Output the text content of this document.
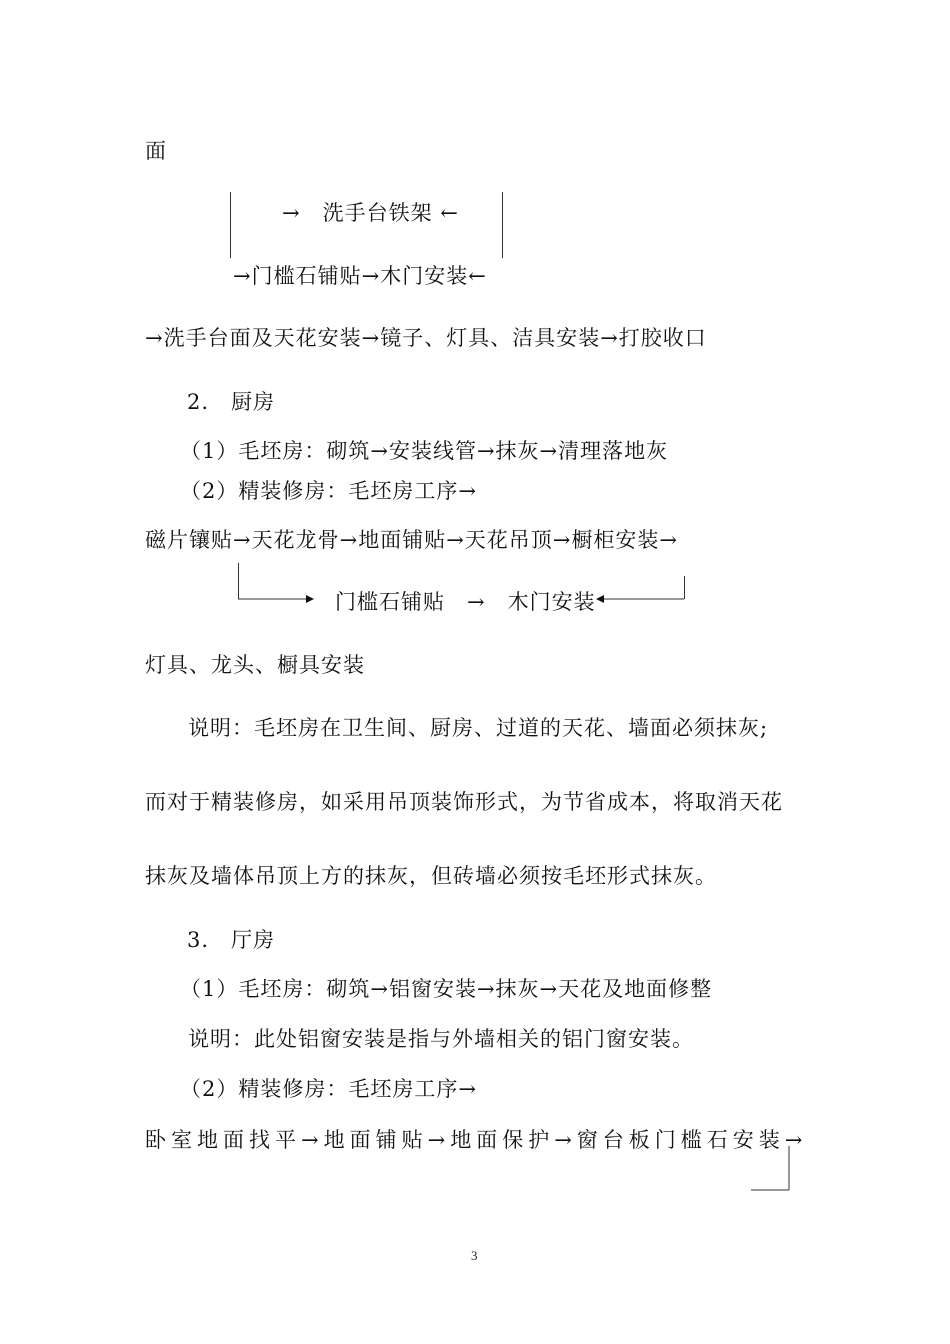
面
→　洗手台铁架 ←
→门槛石铺贴→木门安装←
→洗手台面及天花安装→镜子、灯具、洁具安装→打胶收口
2.　厨房
（1）毛坯房：砌筑→安装线管→抹灰→清理落地灰
（2）精装修房：毛坯房工序→
磁片镶贴→天花龙骨→地面铺贴→天花吊顶→橱柜安装→
门槛石铺贴　→　木门安装
灯具、龙头、橱具安装
说明：毛坯房在卫生间、厨房、过道的天花、墙面必须抹灰;
而对于精装修房，如采用吊顶装饰形式，为节省成本，将取消天花
抹灰及墙体吊顶上方的抹灰，但砖墙必须按毛坯形式抹灰。
3.　厅房
（1）毛坯房：砌筑→铝窗安装→抹灰→天花及地面修整
说明：此处铝窗安装是指与外墙相关的铝门窗安装。
（2）精装修房：毛坯房工序→
卧室地面找平→地面铺贴→地面保护→窗台板门槛石安装→
3
